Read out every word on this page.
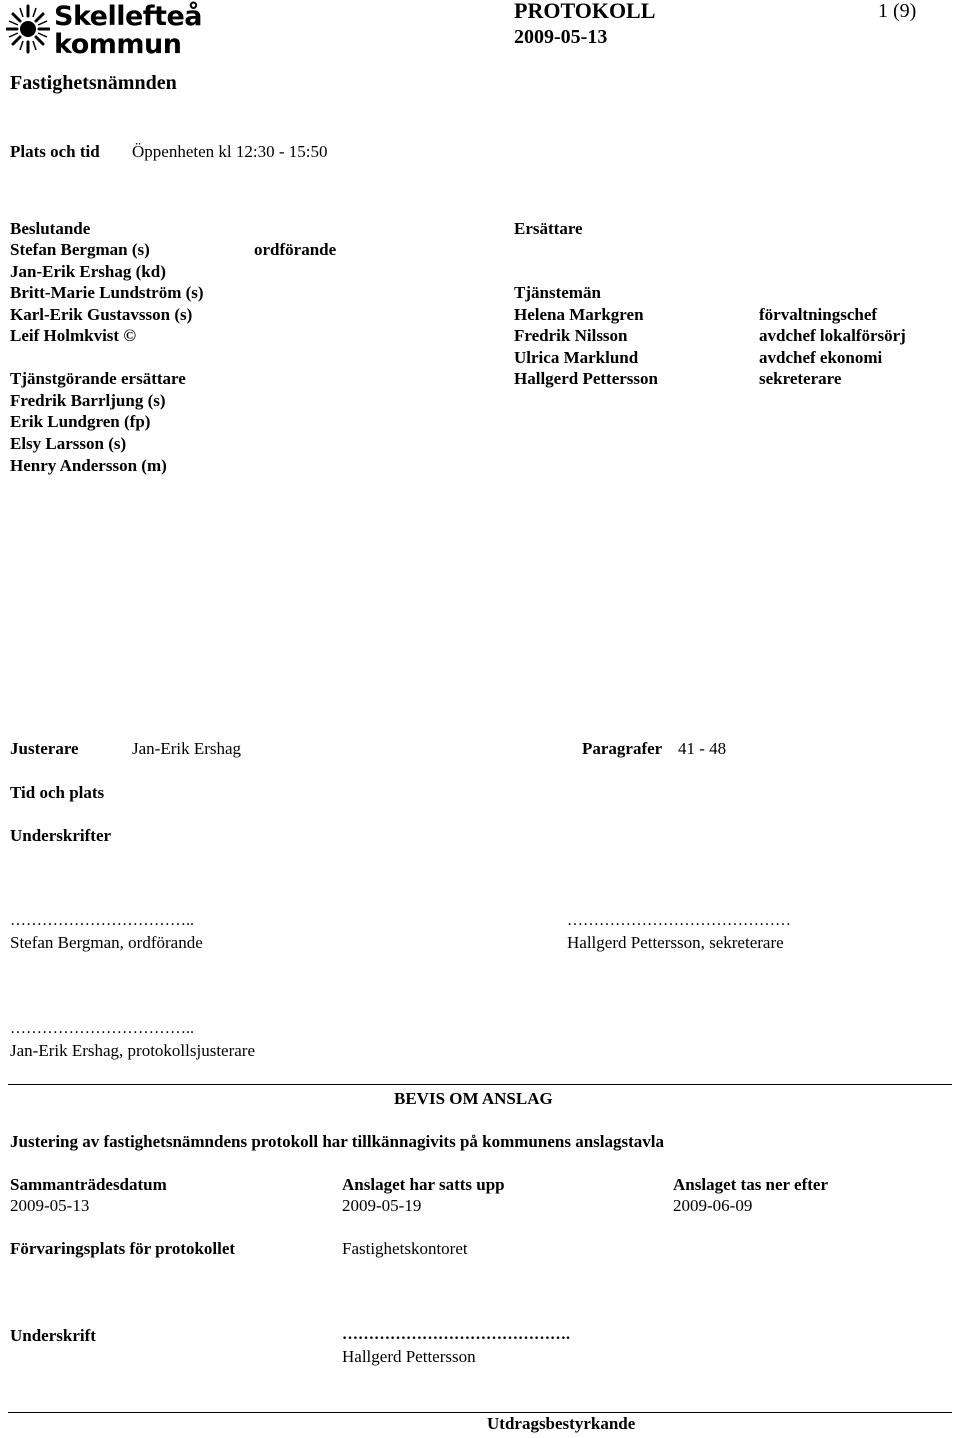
Skellefteå
kommun
PROTOKOLL	1 (9)
2009-05-13
Fastighetsnämnden
Plats och tid Öppenheten kl 12:30 - 15:50
Beslutande
Stefan Bergman (s)	ordförande
Jan-Erik Ershag (kd)
Britt-Marie Lundström (s)
Karl-Erik Gustavsson (s)
Leif Holmkvist ©
Tjänstgörande ersättare
Fredrik Barrljung (s)
Erik Lundgren (fp)
Elsy Larsson (s)
Henry Andersson (m)
Ersättare
Tjänstemän
Helena Markgren	förvaltningschef
Fredrik Nilsson	avdchef lokalförsörj
Ulrica Marklund	avdchef ekonomi
Hallgerd Pettersson	sekreterare
Justerare	Jan-Erik Ershag	Paragrafer 41 - 48
Tid och plats
Underskrifter
……………………………..
Stefan Bergman, ordförande
……………………………………
Hallgerd Pettersson, sekreterare
……………………………..
Jan-Erik Ershag, protokollsjusterare
BEVIS OM ANSLAG
Justering av fastighetsnämndens protokoll har tillkännagivits på kommunens anslagstavla
Sammanträdesdatum
2009-05-13
Anslaget har satts upp
2009-05-19
Anslaget tas ner efter
2009-06-09
Förvaringsplats för protokollet	Fastighetskontoret
Underskrift	…………………………………….
Hallgerd Pettersson
Utdragsbestyrkande
